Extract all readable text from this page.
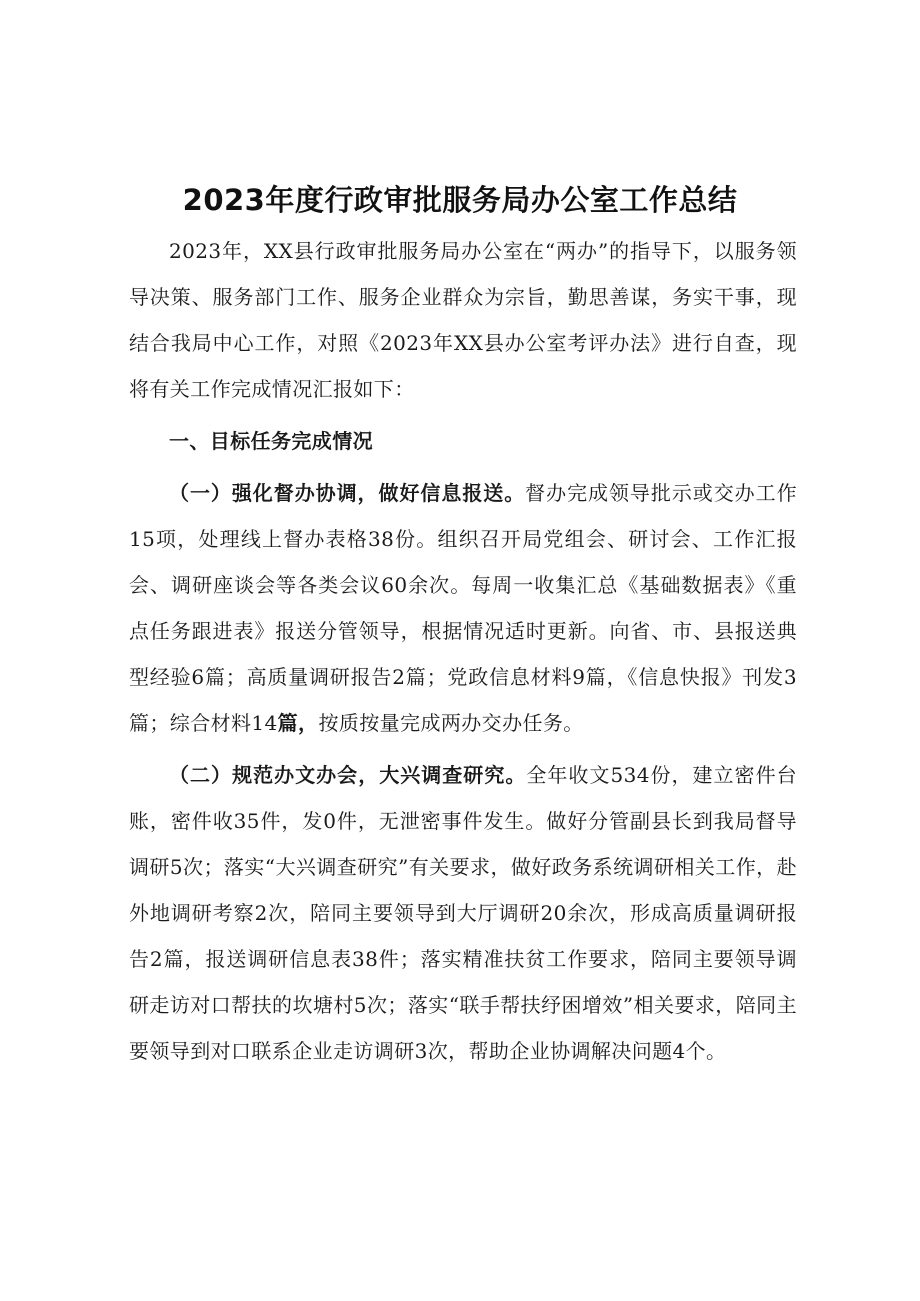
2023年度行政审批服务局办公室工作总结

2023年，XX县行政审批服务局办公室在“两办”的指导下，以服务领导决策、服务部门工作、服务企业群众为宗旨，勤思善谋，务实干事，现结合我局中心工作，对照《2023年XX县办公室考评办法》进行自查，现将有关工作完成情况汇报如下：

一、目标任务完成情况

（一）强化督办协调，做好信息报送。督办完成领导批示或交办工作15项，处理线上督办表格38份。组织召开局党组会、研讨会、工作汇报会、调研座谈会等各类会议60余次。每周一收集汇总《基础数据表》《重点任务跟进表》报送分管领导，根据情况适时更新。向省、市、县报送典型经验6篇；高质量调研报告2篇；党政信息材料9篇，《信息快报》刊发3篇；综合材料14篇，按质按量完成两办交办任务。

（二）规范办文办会，大兴调查研究。全年收文534份，建立密件台账，密件收35件，发0件，无泄密事件发生。做好分管副县长到我局督导调研5次；落实“大兴调查研究”有关要求，做好政务系统调研相关工作，赴外地调研考察2次，陪同主要领导到大厅调研20余次，形成高质量调研报告2篇，报送调研信息表38件；落实精准扶贫工作要求，陪同主要领导调研走访对口帮扶的坎塘村5次；落实“联手帮扶纾困增效”相关要求，陪同主要领导到对口联系企业走访调研3次，帮助企业协调解决问题4个。
